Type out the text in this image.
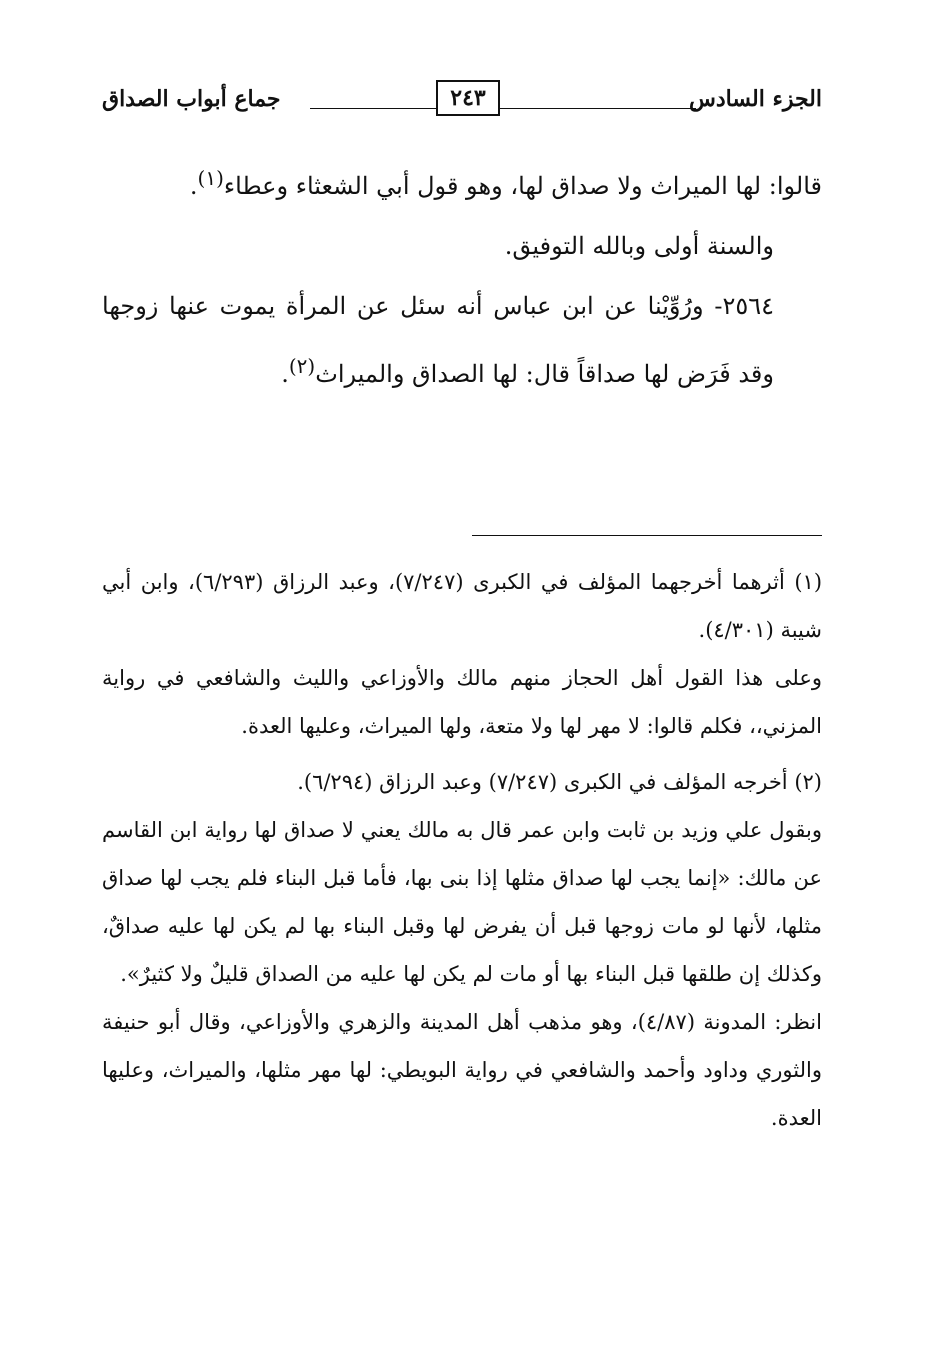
الجزء السادس
٢٤٣
جماع أبواب الصداق

قالوا: لها الميراث ولا صداق لها، وهو قول أبي الشعثاء وعطاء$^{(١)}$.

والسنة أولى وبالله التوفيق.

٢٥٦٤- ورُوِّيْنا عن ابن عباس أنه سئل عن المرأة يموت عنها زوجها وقد فَرَض لها صداقاً قال: لها الصداق والميراث$^{(٢)}$.

(١) أثرهما أخرجهما المؤلف في الكبرى (٧/٢٤٧)، وعبد الرزاق (٦/٢٩٣)، وابن أبي شيبة (٤/٣٠١).

وعلى هذا القول أهل الحجاز منهم مالك والأوزاعي والليث والشافعي في رواية المزني،، فكلم قالوا: لا مهر لها ولا متعة، ولها الميراث، وعليها العدة.

(٢) أخرجه المؤلف في الكبرى (٧/٢٤٧) وعبد الرزاق (٦/٢٩٤).

وبقول علي وزيد بن ثابت وابن عمر قال به مالك يعني لا صداق لها رواية ابن القاسم عن مالك: «إنما يجب لها صداق مثلها إذا بنى بها، فأما قبل البناء فلم يجب لها صداق مثلها، لأنها لو مات زوجها قبل أن يفرض لها وقبل البناء بها لم يكن لها عليه صداقٌ، وكذلك إن طلقها قبل البناء بها أو مات لم يكن لها عليه من الصداق قليلٌ ولا كثيرٌ».

انظر: المدونة (٤/٨٧)، وهو مذهب أهل المدينة والزهري والأوزاعي، وقال أبو حنيفة والثوري وداود وأحمد والشافعي في رواية البويطي: لها مهر مثلها، والميراث، وعليها العدة.
